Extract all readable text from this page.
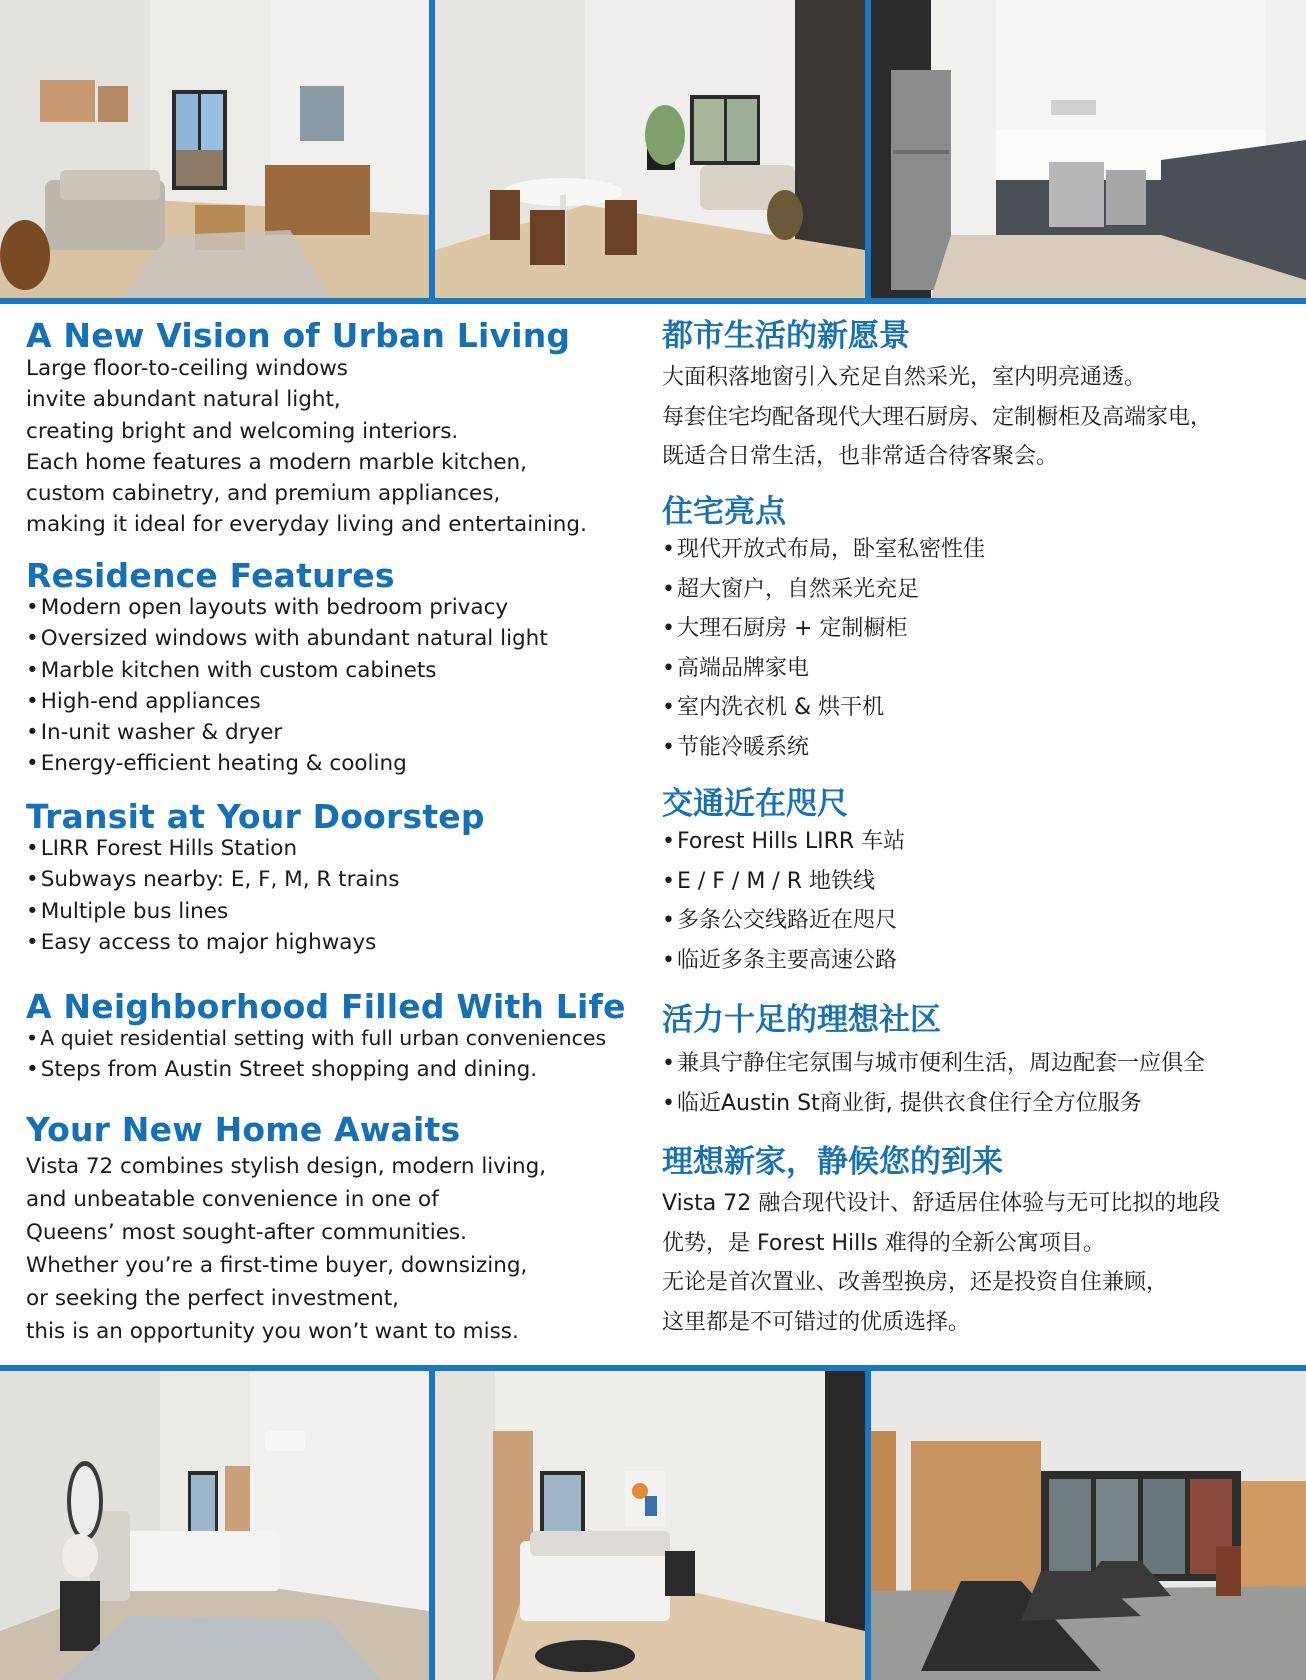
A New Vision of Urban Living

Large floor-to-ceiling windows

invite abundant natural light,

creating bright and welcoming interiors.

Each home features a modern marble kitchen,

custom cabinetry, and premium appliances,

making it ideal for everyday living and entertaining.

Residence Features
• Modern open layouts with bedroom privacy
• Oversized windows with abundant natural light
• Marble kitchen with custom cabinets
• High-end appliances
• In-unit washer & dryer
• Energy-efficient heating & cooling
Transit at Your Doorstep
• LIRR Forest Hills Station
• Subways nearby: E, F, M, R trains
• Multiple bus lines
• Easy access to major highways
A Neighborhood Filled With Life
• A quiet residential setting with full urban conveniences
• Steps from Austin Street shopping and dining.
Your New Home Awaits

Vista 72 combines stylish design, modern living,

and unbeatable convenience in one of

Queens’ most sought-after communities.

Whether you’re a first-time buyer, downsizing,

or seeking the perfect investment,

this is an opportunity you won’t want to miss.

都市生活的新愿景

大面积落地窗引入充足自然采光，室内明亮通透。

每套住宅均配备现代大理石厨房、定制橱柜及高端家电，

既适合日常生活，也非常适合待客聚会。

住宅亮点
• 现代开放式布局，卧室私密性佳
• 超大窗户，自然采光充足
• 大理石厨房 + 定制橱柜
• 高端品牌家电
• 室内洗衣机 & 烘干机
• 节能冷暖系统
交通近在咫尺
• Forest Hills LIRR 车站
• E / F / M / R 地铁线
• 多条公交线路近在咫尺
• 临近多条主要高速公路
活力十足的理想社区
• 兼具宁静住宅氛围与城市便利生活，周边配套一应俱全
• 临近Austin St商业街, 提供衣食住行全方位服务
理想新家，静候您的到来

Vista 72 融合现代设计、舒适居住体验与无可比拟的地段

优势，是 Forest Hills 难得的全新公寓项目。

无论是首次置业、改善型换房，还是投资自住兼顾，

这里都是不可错过的优质选择。
